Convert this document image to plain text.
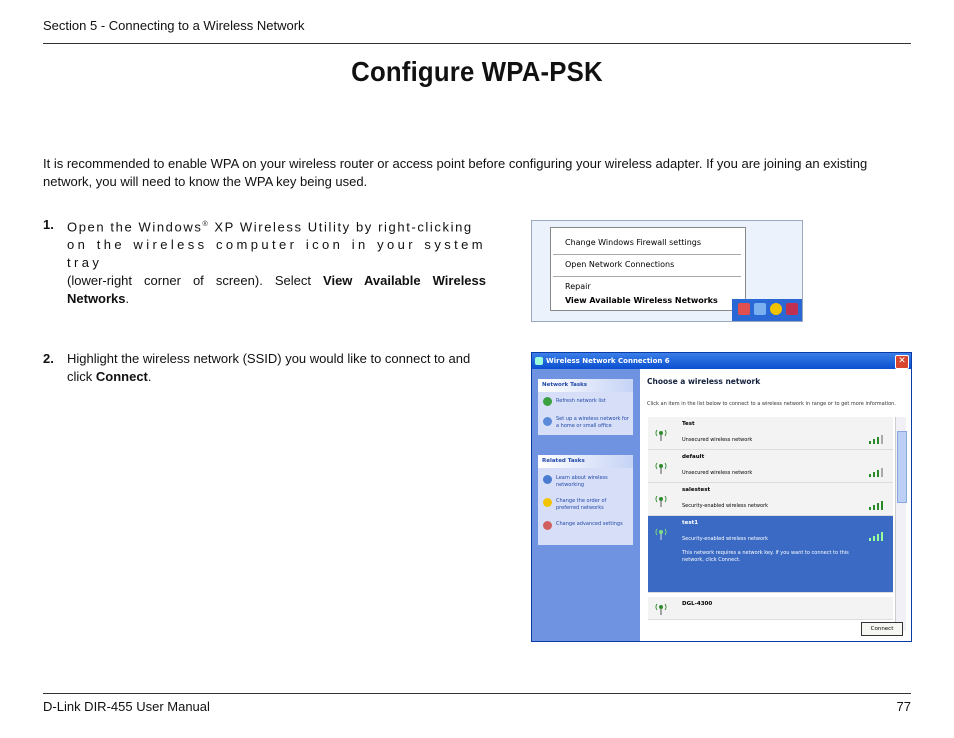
Section 5 - Connecting to a Wireless Network
Configure WPA-PSK
It is recommended to enable WPA on your wireless router or access point before configuring your wireless adapter. If you are joining an existing network, you will need to know the WPA key being used.
1. Open the Windows® XP Wireless Utility by right-clicking
on the wireless computer icon in your system tray
(lower-right corner of screen). Select View Available Wireless Networks.
2. Highlight the wireless network (SSID) you would like to connect to and click Connect.
Change Windows Firewall settings
Open Network Connections
Repair
View Available Wireless Networks
Wireless Network Connection 6	✕
Network Tasks
Refresh network list
Set up a wireless network for a home or small office
Related Tasks
Learn about wireless networking
Change the order of preferred networks
Change advanced settings
Choose a wireless network
Click an item in the list below to connect to a wireless network in range or to get more information.
Test
Unsecured wireless network
default
Unsecured wireless network
salestest
Security-enabled wireless network
test1
Security-enabled wireless network
This network requires a network key. If you want to connect to this network, click Connect.
DGL-4300
Connect
D-Link DIR-455 User Manual	77
